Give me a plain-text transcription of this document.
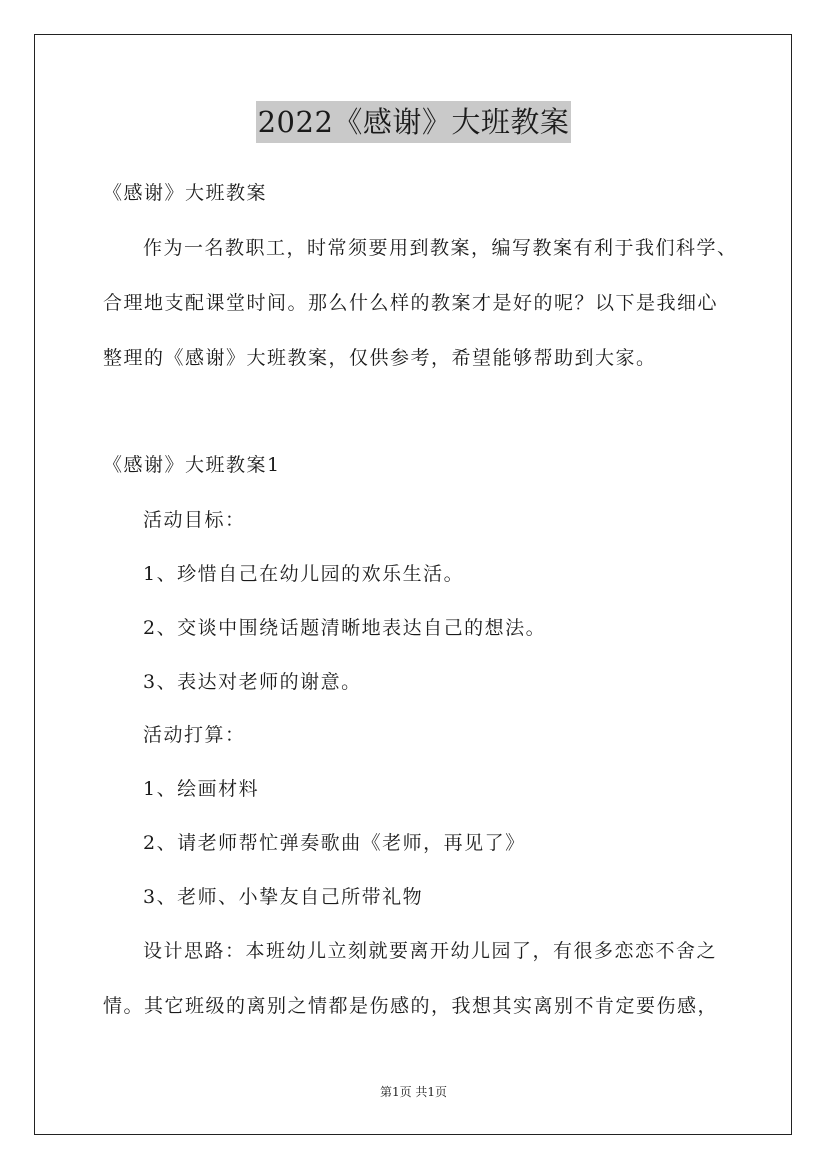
2022《感谢》大班教案
《感谢》大班教案
作为一名教职工，时常须要用到教案，编写教案有利于我们科学、
合理地支配课堂时间。那么什么样的教案才是好的呢？以下是我细心
整理的《感谢》大班教案，仅供参考，希望能够帮助到大家。
《感谢》大班教案1
活动目标：
1、珍惜自己在幼儿园的欢乐生活。
2、交谈中围绕话题清晰地表达自己的想法。
3、表达对老师的谢意。
活动打算：
1、绘画材料
2、请老师帮忙弹奏歌曲《老师，再见了》
3、老师、小挚友自己所带礼物
设计思路：本班幼儿立刻就要离开幼儿园了，有很多恋恋不舍之
情。其它班级的离别之情都是伤感的，我想其实离别不肯定要伤感，
第1页 共1页
